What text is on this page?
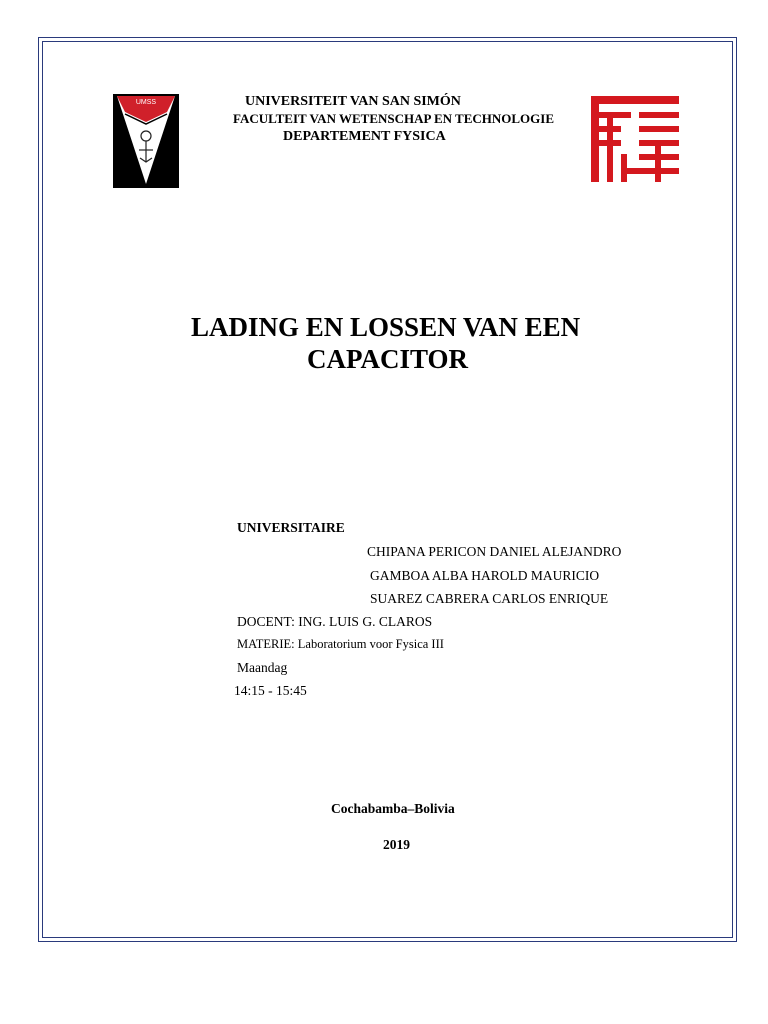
UMSS	UNIVERSITEIT VAN SAN SIMÓN
FACULTEIT VAN WETENSCHAP EN TECHNOLOGIE
DEPARTEMENT FYSICA
LADING EN LOSSEN VAN EEN
CAPACITOR
UNIVERSITAIRE
CHIPANA PERICON DANIEL ALEJANDRO
GAMBOA ALBA HAROLD MAURICIO
SUAREZ CABRERA CARLOS ENRIQUE
DOCENT: ING. LUIS G. CLAROS
MATERIE: Laboratorium voor Fysica III
Maandag
14:15 - 15:45
Cochabamba–Bolivia
2019
